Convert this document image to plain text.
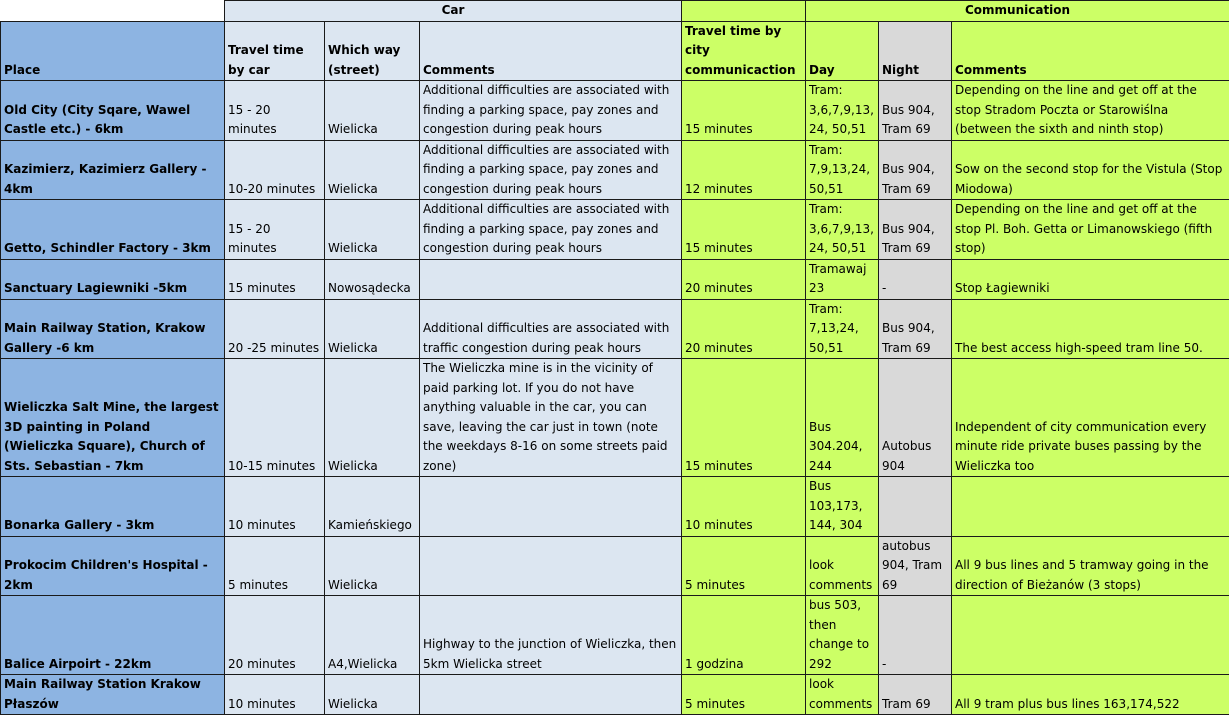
	Car				Communication		
Place	Travel time by car	Which way (street)	Comments	Travel time by city communicaction	Day	Night	Comments
Old City (City Sqare, Wawel Castle etc.) - 6km	15 - 20 minutes	Wielicka	Additional difficulties are associated with finding a parking space, pay zones and congestion during peak hours	15 minutes	Tram: 3,6,7,9,13, 24, 50,51	Bus 904, Tram 69	Depending on the line and get off at the stop Stradom Poczta or Starowiślna (between the sixth and ninth stop)
Kazimierz, Kazimierz Gallery - 4km	10-20 minutes	Wielicka	Additional difficulties are associated with finding a parking space, pay zones and congestion during peak hours	12 minutes	Tram: 7,9,13,24, 50,51	Bus 904, Tram 69	Sow on the second stop for the Vistula (Stop Miodowa)
Getto, Schindler Factory - 3km	15 - 20 minutes	Wielicka	Additional difficulties are associated with finding a parking space, pay zones and congestion during peak hours	15 minutes	Tram: 3,6,7,9,13, 24, 50,51	Bus 904, Tram 69	Depending on the line and get off at the stop Pl. Boh. Getta or Limanowskiego (fifth stop)
Sanctuary Lagiewniki -5km	15 minutes	Nowosądecka		20 minutes	Tramawaj 23	-	Stop Łagiewniki
Main Railway Station, Krakow Gallery -6 km	20 -25 minutes	Wielicka	Additional difficulties are associated with traffic congestion during peak hours	20 minutes	Tram: 7,13,24, 50,51	Bus 904, Tram 69	The best access high-speed tram line 50.
Wieliczka Salt Mine, the largest 3D painting in Poland (Wieliczka Square), Church of Sts. Sebastian - 7km	10-15 minutes	Wielicka	The Wieliczka mine is in the vicinity of paid parking lot. If you do not have anything valuable in the car, you can save, leaving the car just in town (note the weekdays 8-16 on some streets paid zone)	15 minutes	Bus 304.204, 244	Autobus 904	Independent of city communication every minute ride private buses passing by the Wieliczka too
Bonarka Gallery - 3km	10 minutes	Kamieńskiego		10 minutes	Bus 103,173, 144, 304		
Prokocim Children's Hospital - 2km	5 minutes	Wielicka		5 minutes	look comments	autobus 904, Tram 69	All 9 bus lines and 5 tramway going in the direction of Bieżanów (3 stops)
Balice Airpoirt - 22km	20 minutes	A4,Wielicka	Highway to the junction of Wieliczka, then 5km Wielicka street	1 godzina	bus 503, then change to 292	-	
Main Railway Station Krakow Płaszów	10 minutes	Wielicka		5 minutes	look comments	Tram 69	All 9 tram plus bus lines 163,174,522
